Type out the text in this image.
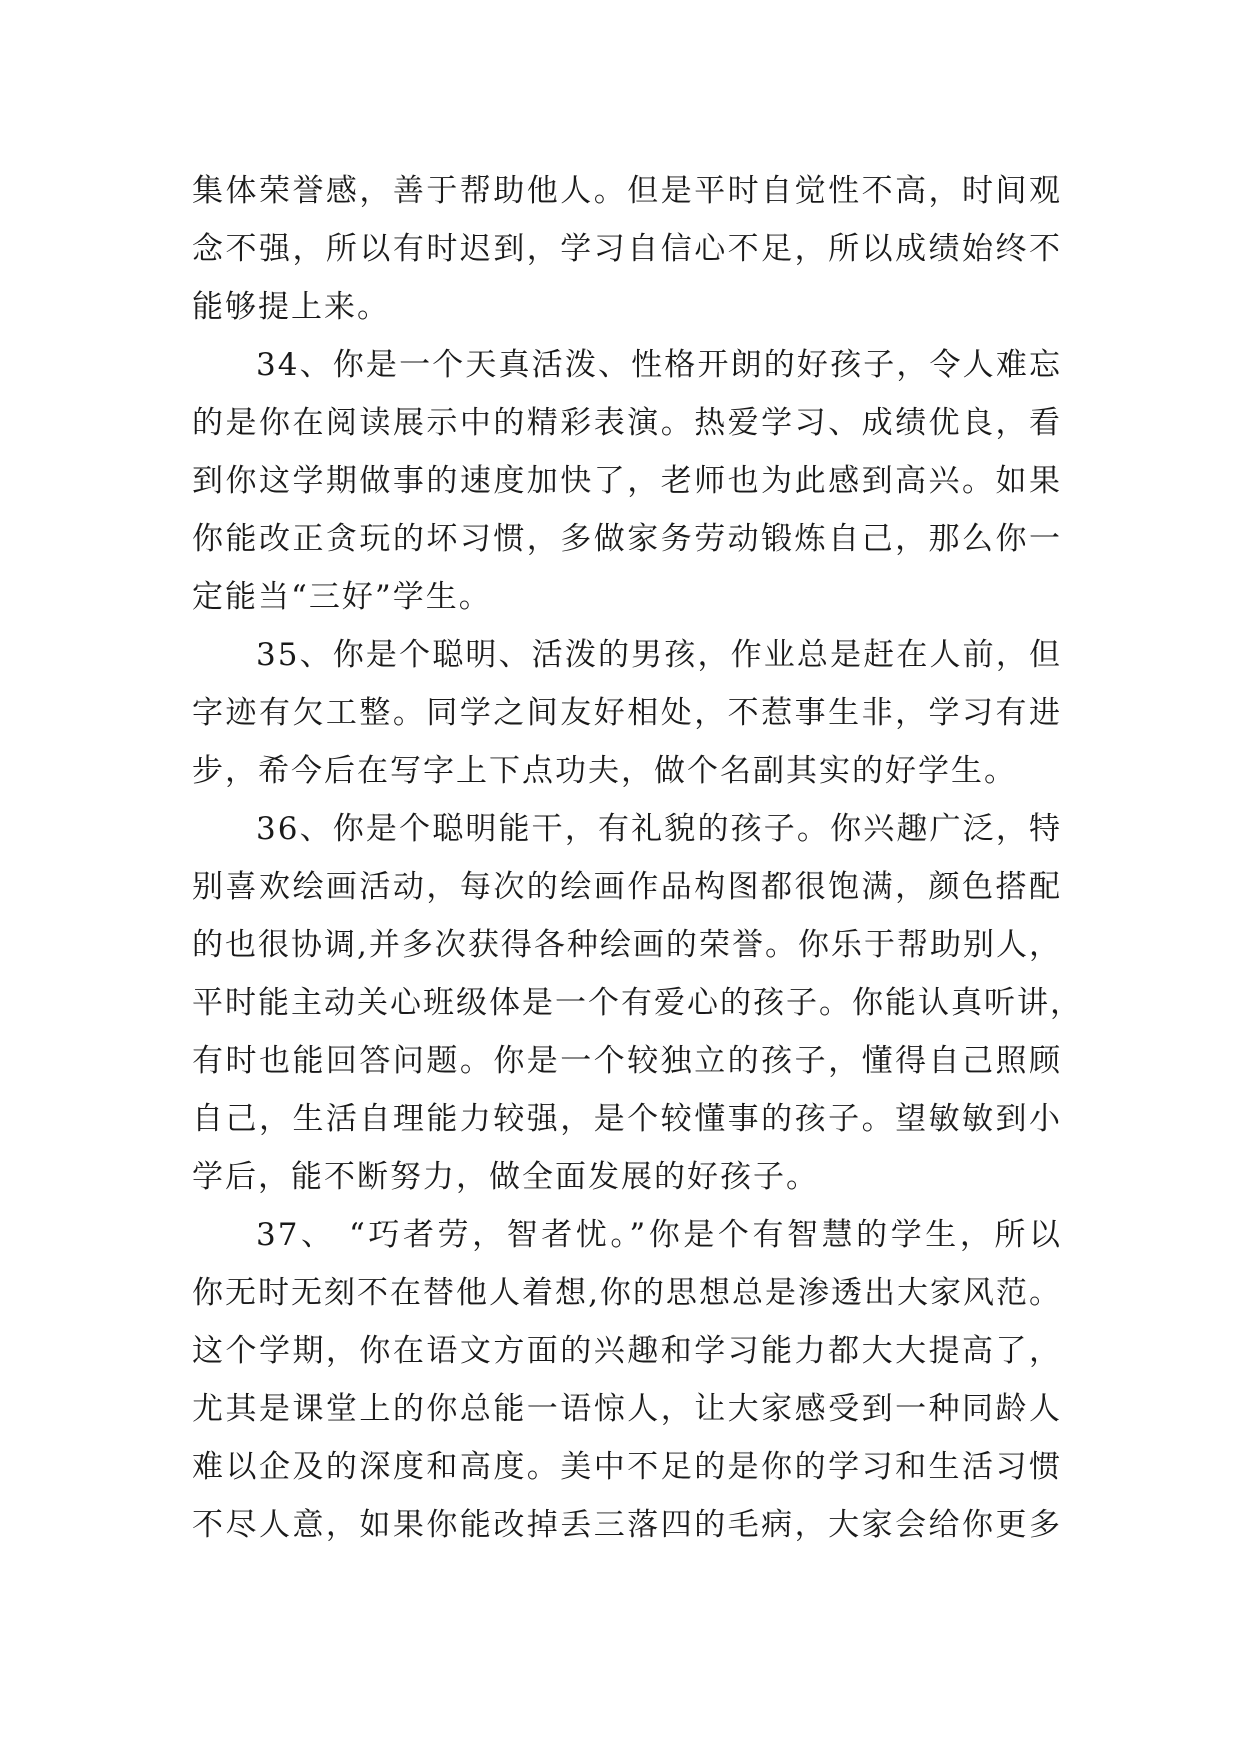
集体荣誉感，善于帮助他人。但是平时自觉性不高，时间观
念不强，所以有时迟到，学习自信心不足，所以成绩始终不
能够提上来。
34、你是一个天真活泼、性格开朗的好孩子，令人难忘
的是你在阅读展示中的精彩表演。热爱学习、成绩优良，看
到你这学期做事的速度加快了，老师也为此感到高兴。如果
你能改正贪玩的坏习惯，多做家务劳动锻炼自己，那么你一
定能当“三好”学生。
35、你是个聪明、活泼的男孩，作业总是赶在人前，但
字迹有欠工整。同学之间友好相处，不惹事生非，学习有进
步，希今后在写字上下点功夫，做个名副其实的好学生。
36、你是个聪明能干，有礼貌的孩子。你兴趣广泛，特
别喜欢绘画活动，每次的绘画作品构图都很饱满，颜色搭配
的也很协调,并多次获得各种绘画的荣誉。你乐于帮助别人，
平时能主动关心班级体是一个有爱心的孩子。你能认真听讲，
有时也能回答问题。你是一个较独立的孩子，懂得自己照顾
自己，生活自理能力较强，是个较懂事的孩子。望敏敏到小
学后，能不断努力，做全面发展的好孩子。
37、 “巧者劳，智者忧。”你是个有智慧的学生，所以
你无时无刻不在替他人着想,你的思想总是渗透出大家风范。
这个学期，你在语文方面的兴趣和学习能力都大大提高了，
尤其是课堂上的你总能一语惊人，让大家感受到一种同龄人
难以企及的深度和高度。美中不足的是你的学习和生活习惯
不尽人意，如果你能改掉丢三落四的毛病，大家会给你更多
